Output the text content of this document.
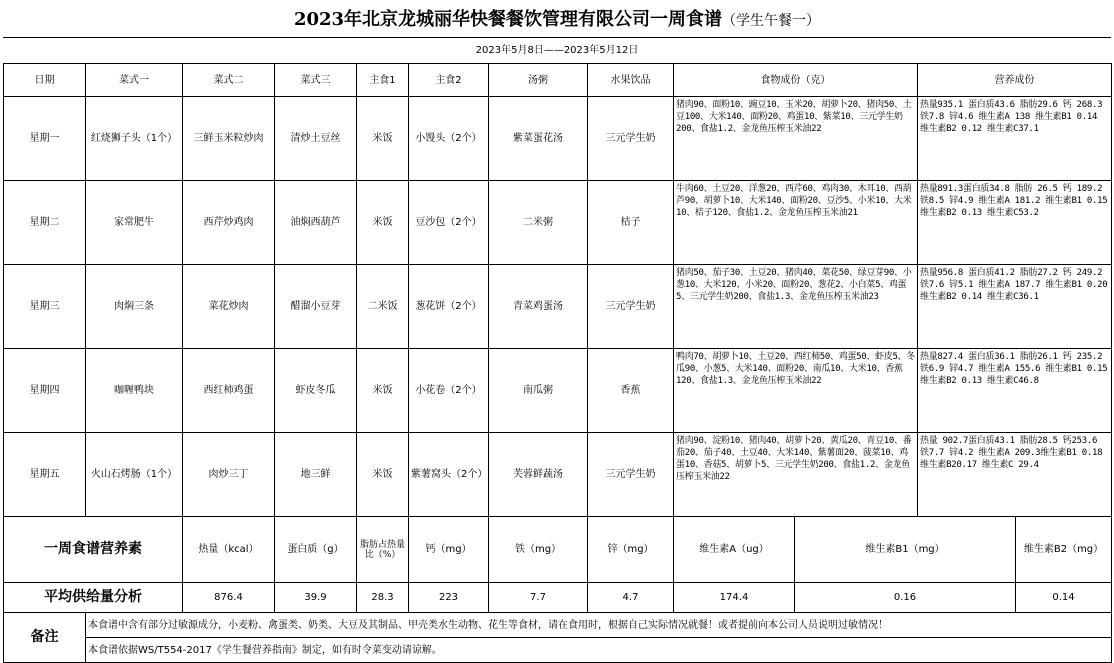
2023年北京龙城丽华快餐餐饮管理有限公司一周食谱（学生午餐一）
2023年5月8日——2023年5月12日
日期	菜式一	菜式二	菜式三	主食1	主食2	汤粥	水果饮品	食物成份（克）		营养成份		
星期一	红烧狮子头（1个）	三鲜玉米粒炒肉	清炒土豆丝	米饭	小馒头（2个）	紫菜蛋花汤	三元学生奶	猪肉90、面粉10、豌豆10、玉米20、胡萝卜20、猪肉50、土豆100、大米140、面粉20、鸡蛋10、紫菜10、三元学生奶200、食盐1.2、金龙鱼压榨玉米油22		热量935.1 蛋白质43.6 脂肪29.6 钙 268.3 铁7.8 锌4.6 维生素A 138 维生素B1 0.14 维生素B2 0.12 维生素C37.1		
星期二	家常肥牛	西芹炒鸡肉	油焖西葫芦	米饭	豆沙包（2个）	二米粥	桔子	牛肉60、土豆20、洋葱20、西芹60、鸡肉30、木耳10、西葫芦90、胡萝卜10、大米140、面粉20、豆沙5、小米10、大米10、桔子120、食盐1.2、金龙鱼压榨玉米油21		热量891.3蛋白质34.8 脂肪 26.5 钙 189.2 铁8.5 锌4.9 维生素A 181.2 维生素B1 0.15 维生素B2 0.13 维生素C53.2		
星期三	肉焖三条	菜花炒肉	醋溜小豆芽	二米饭	葱花饼（2个）	青菜鸡蛋汤	三元学生奶	猪肉50、茄子30、土豆20、猪肉40、菜花50、绿豆芽90、小葱10、大米120、小米20、面粉20、葱花2、小白菜5、鸡蛋5、三元学生奶200、食盐1.3、金龙鱼压榨玉米油23		热量956.8 蛋白质41.2 脂肪27.2 钙 249.2 铁7.6 锌5.1 维生素A 187.7 维生素B1 0.20 维生素B2 0.14 维生素C36.1		
星期四	咖喱鸭块	西红柿鸡蛋	虾皮冬瓜	米饭	小花卷（2个）	南瓜粥	香蕉	鸭肉70、胡萝卜10、土豆20、西红柿50、鸡蛋50、虾皮5、冬瓜90、小葱5、大米140、面粉20、南瓜10、大米10、香蕉120、食盐1.3、金龙鱼压榨玉米油22		热量827.4 蛋白质36.1 脂肪26.1 钙 235.2 铁6.9 锌4.7 维生素A 155.6 维生素B1 0.15 维生素B2 0.13 维生素C46.8		
星期五	火山石烤肠（1个）	肉炒三丁	地三鲜	米饭	紫薯窝头（2个）	芙蓉鲜蔬汤	三元学生奶	猪肉90、淀粉10、猪肉40、胡萝卜20、黄瓜20、青豆10、番茄20、茄子40、土豆40、大米140、紫薯面20、菠菜10、鸡蛋10、香菇5、胡萝卜5、三元学生奶200、食盐1.2、金龙鱼压榨玉米油22		热量 902.7蛋白质43.1 脂肪28.5 钙253.6 铁7.7 锌4.2 维生素A 209.3维生素B1 0.18维生素B20.17 维生素C 29.4		
一周食谱营养素		热量（kcal）	蛋白质（g）	脂肪占热量比（%）	钙（mg）	铁（mg）	锌（mg）	维生素A（ug）	维生素B1（mg）		维生素B2（mg）	
平均供给量分析		876.4	39.9	28.3	223	7.7	4.7	174.4	0.16		0.14	
备注	本食谱中含有部分过敏源成分，小麦粉、禽蛋类、奶类、大豆及其制品、甲壳类水生动物、花生等食材，请在食用时，根据自己实际情况就餐！或者提前向本公司人员说明过敏情况！											
	本食谱依据WS/T554-2017《学生餐营养指南》制定，如有时令菜变动请谅解。											
